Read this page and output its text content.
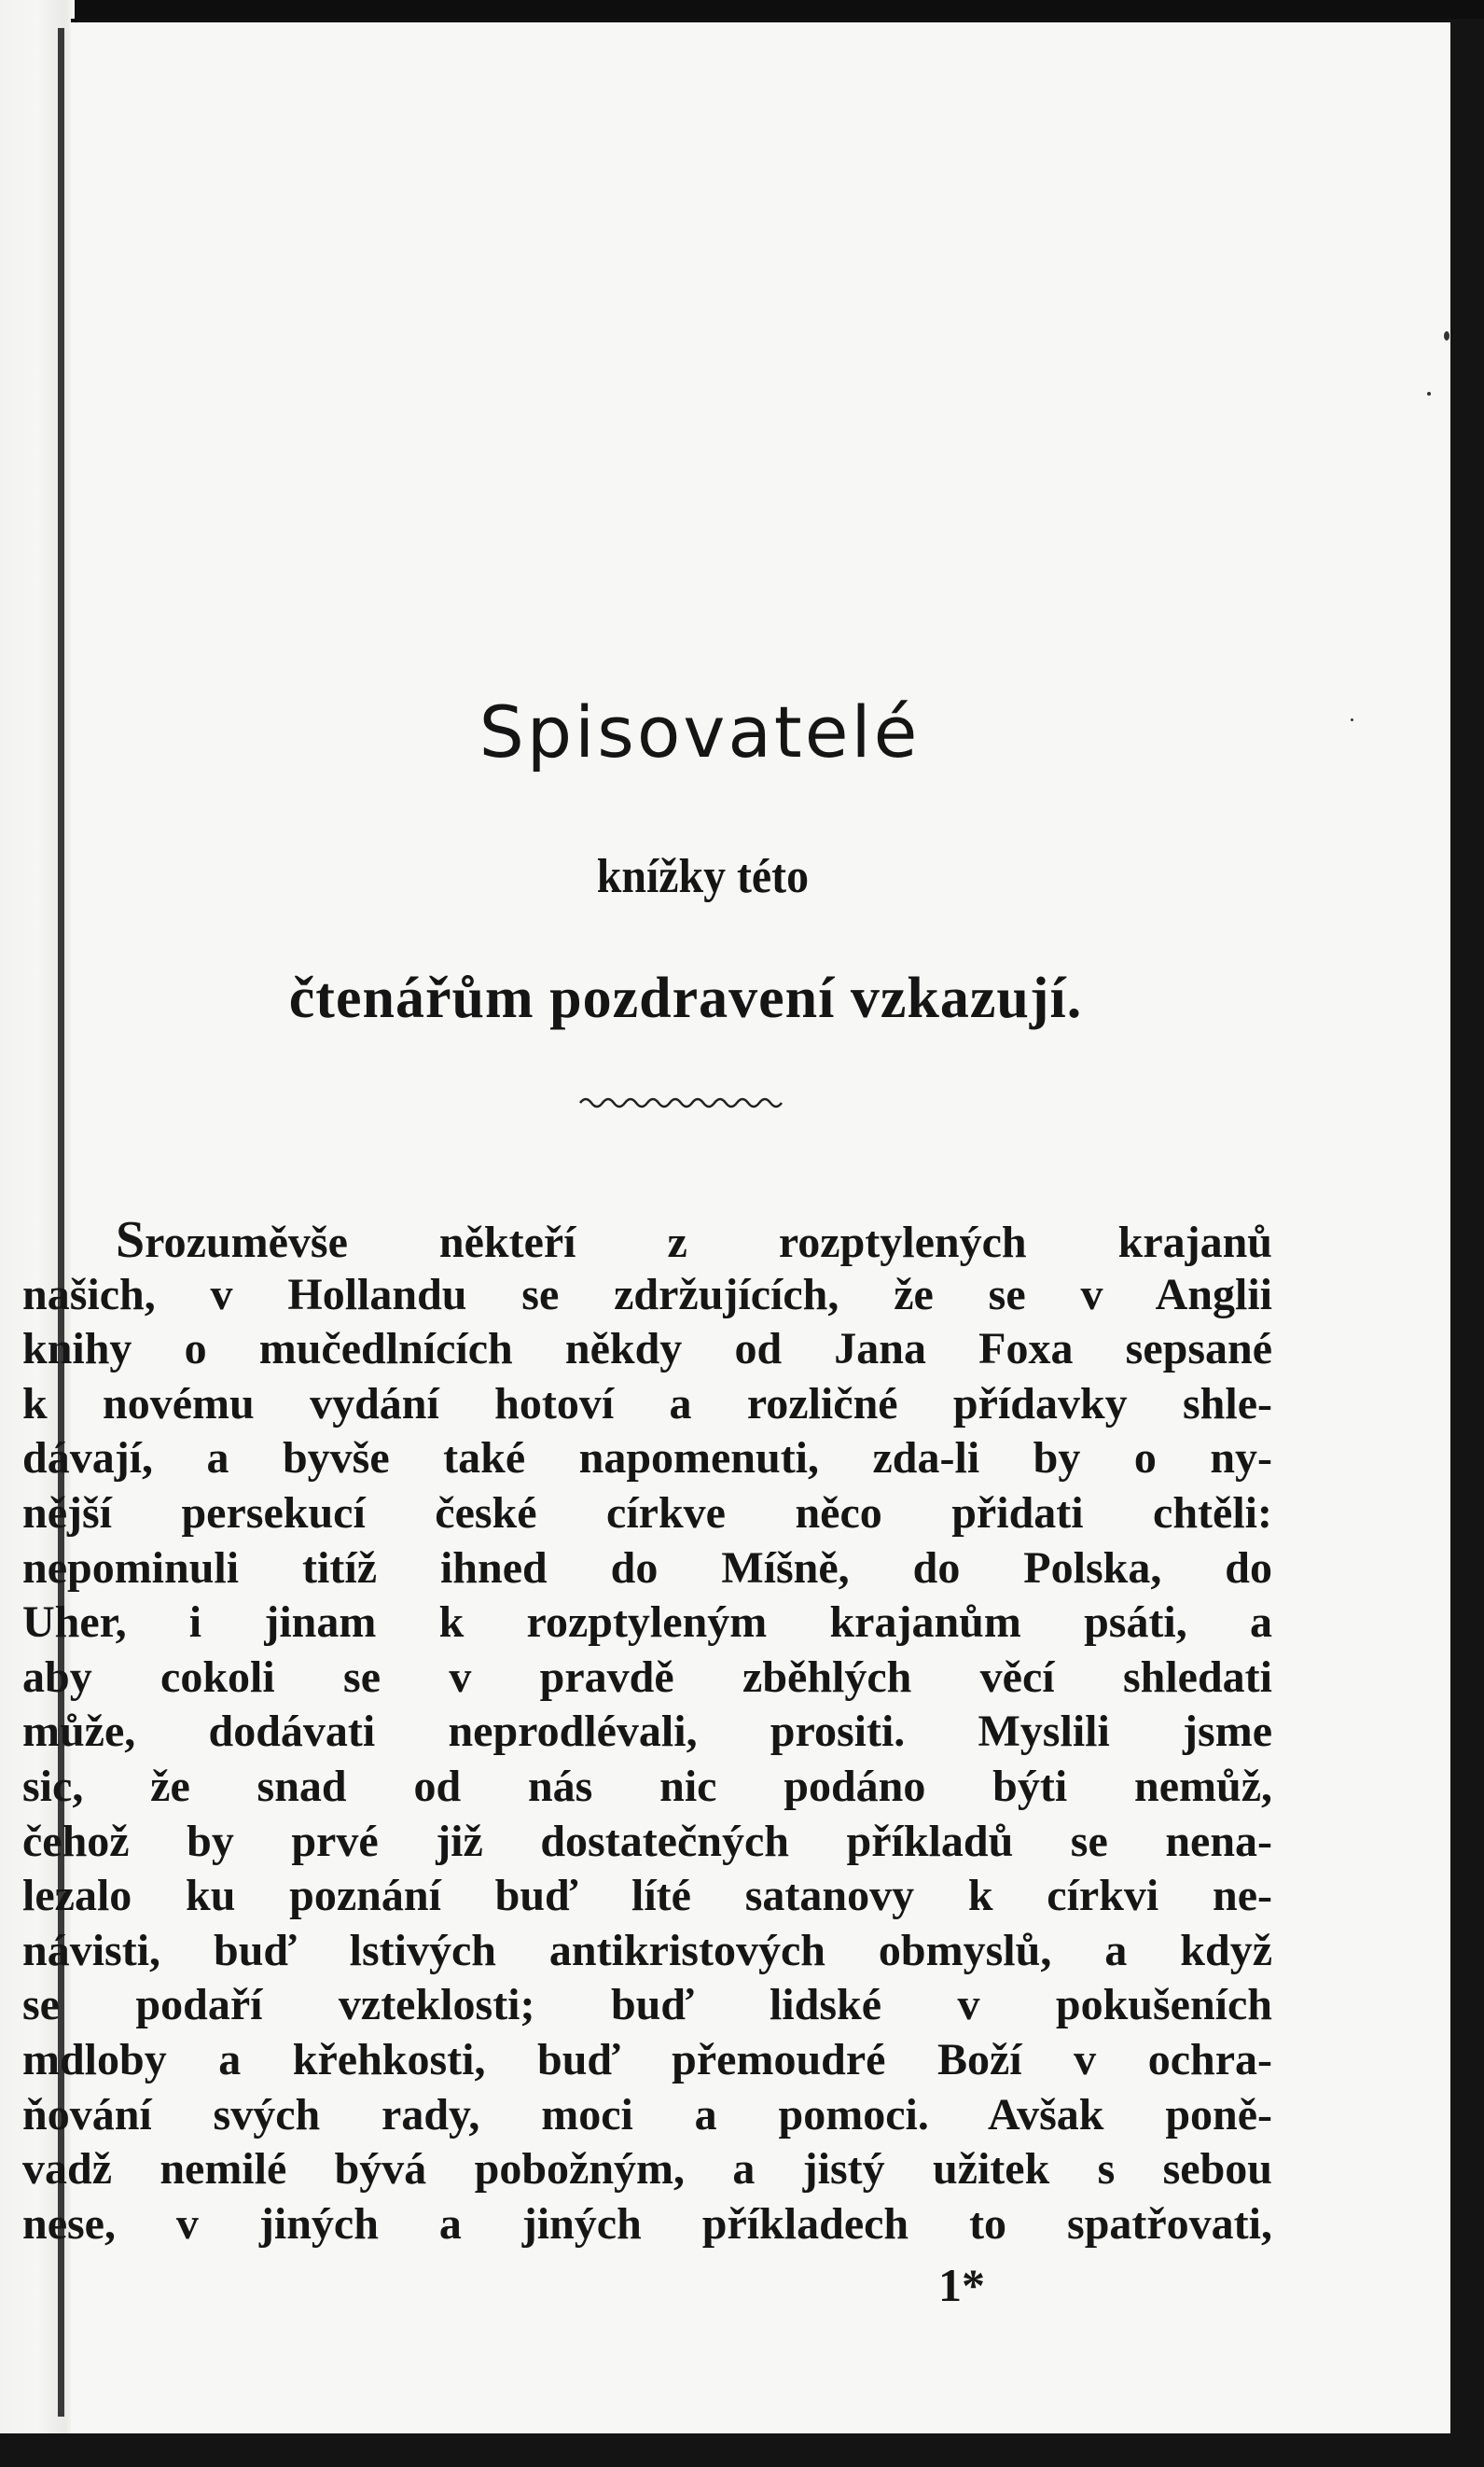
Spisovatelé
knížky této
čtenářům pozdravení vzkazují.
Srozuměvše někteří z rozptylených krajanů
našich, v Hollandu se zdržujících, že se v Anglii
knihy o mučedlnících někdy od Jana Foxa sepsané
k novému vydání hotoví a rozličné přídavky shle-
dávají, a byvše také napomenuti, zda-li by o ny-
nější persekucí české církve něco přidati chtěli:
nepominuli titíž ihned do Míšně, do Polska, do
Uher, i jinam k rozptyleným krajanům psáti, a
aby cokoli se v pravdě zběhlých věcí shledati
může, dodávati neprodlévali, prositi. Myslili jsme
sic, že snad od nás nic podáno býti nemůž,
čehož by prvé již dostatečných příkladů se nena-
lezalo ku poznání buď líté satanovy k církvi ne-
návisti, buď lstivých antikristových obmyslů, a když
se podaří vzteklosti; buď lidské v pokušeních
mdloby a křehkosti, buď přemoudré Boží v ochra-
ňování svých rady, moci a pomoci. Avšak poně-
vadž nemilé bývá pobožným, a jistý užitek s sebou
nese, v jiných a jiných příkladech to spatřovati,
1*
